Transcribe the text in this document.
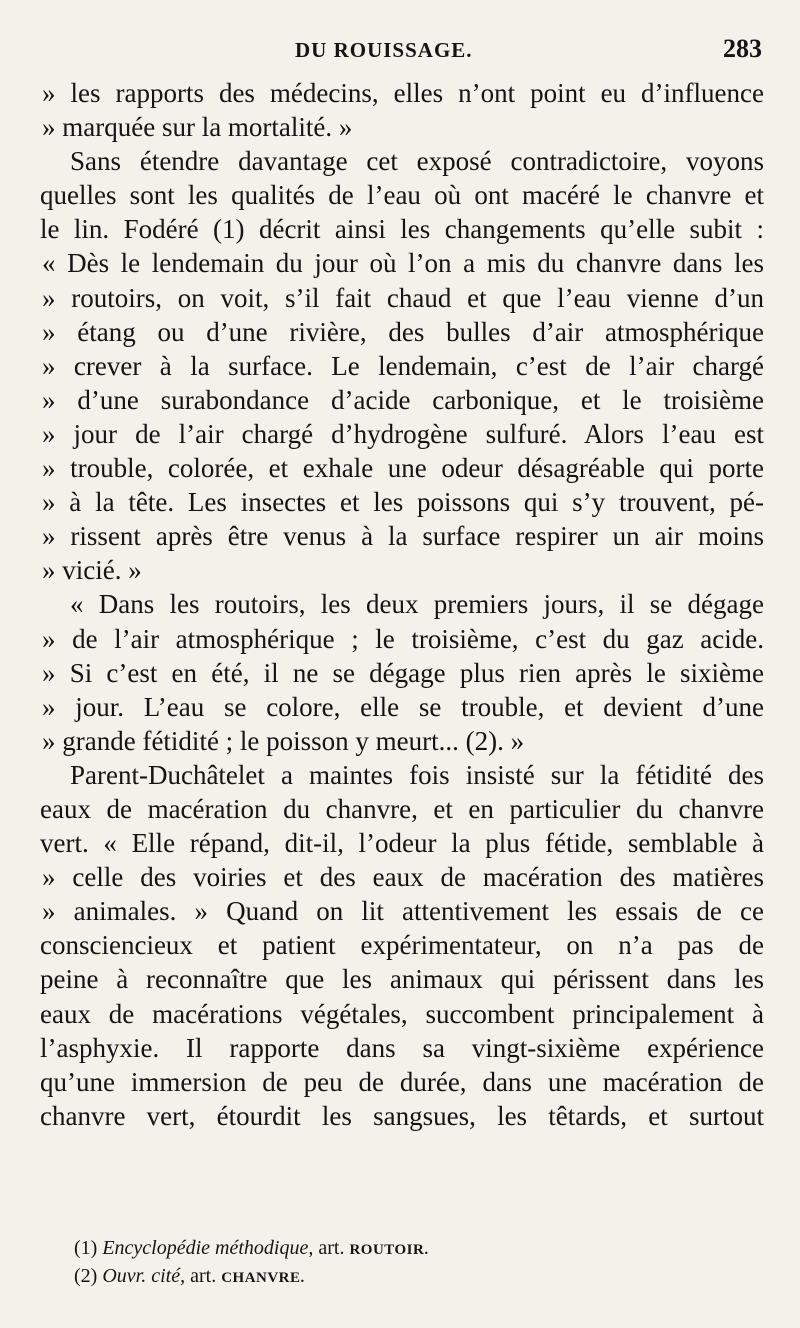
DU ROUISSAGE.	283
» les rapports des médecins, elles n’ont point eu d’influence
» marquée sur la mortalité. »
Sans étendre davantage cet exposé contradictoire, voyons
quelles sont les qualités de l’eau où ont macéré le chanvre et
le lin. Fodéré (1) décrit ainsi les changements qu’elle subit :
« Dès le lendemain du jour où l’on a mis du chanvre dans les
» routoirs, on voit, s’il fait chaud et que l’eau vienne d’un
» étang ou d’une rivière, des bulles d’air atmosphérique
» crever à la surface. Le lendemain, c’est de l’air chargé
» d’une surabondance d’acide carbonique, et le troisième
» jour de l’air chargé d’hydrogène sulfuré. Alors l’eau est
» trouble, colorée, et exhale une odeur désagréable qui porte
» à la tête. Les insectes et les poissons qui s’y trouvent, pé-
» rissent après être venus à la surface respirer un air moins
» vicié. »
« Dans les routoirs, les deux premiers jours, il se dégage
» de l’air atmosphérique ; le troisième, c’est du gaz acide.
» Si c’est en été, il ne se dégage plus rien après le sixième
» jour. L’eau se colore, elle se trouble, et devient d’une
» grande fétidité ; le poisson y meurt... (2). »
Parent-Duchâtelet a maintes fois insisté sur la fétidité des
eaux de macération du chanvre, et en particulier du chanvre
vert. « Elle répand, dit-il, l’odeur la plus fétide, semblable à
» celle des voiries et des eaux de macération des matières
» animales. » Quand on lit attentivement les essais de ce
consciencieux et patient expérimentateur, on n’a pas de
peine à reconnaître que les animaux qui périssent dans les
eaux de macérations végétales, succombent principalement à
l’asphyxie. Il rapporte dans sa vingt-sixième expérience
qu’une immersion de peu de durée, dans une macération de
chanvre vert, étourdit les sangsues, les têtards, et surtout
(1) Encyclopédie méthodique, art. ROUTOIR.
(2) Ouvr. cité, art. CHANVRE.
